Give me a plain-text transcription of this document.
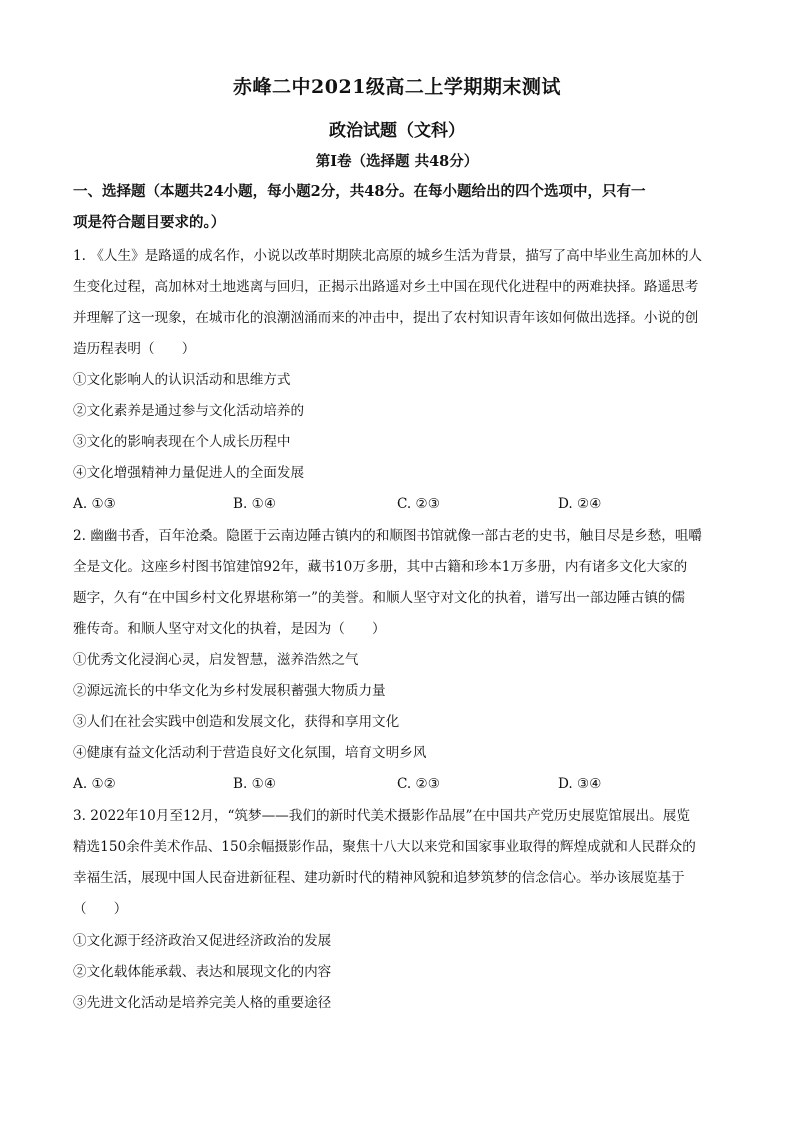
赤峰二中2021级高二上学期期末测试
政治试题（文科）
第Ⅰ卷（选择题 共48分）
一、选择题（本题共24小题，每小题2分，共48分。在每小题给出的四个选项中，只有一
项是符合题目要求的。）
1. 《人生》是路遥的成名作，小说以改革时期陕北高原的城乡生活为背景，描写了高中毕业生高加林的人
生变化过程，高加林对土地逃离与回归，正揭示出路遥对乡土中国在现代化进程中的两难抉择。路遥思考
并理解了这一现象，在城市化的浪潮汹涌而来的冲击中，提出了农村知识青年该如何做出选择。小说的创
造历程表明（　　）
①文化影响人的认识活动和思维方式
②文化素养是通过参与文化活动培养的
③文化的影响表现在个人成长历程中
④文化增强精神力量促进人的全面发展
A. ①③	B. ①④	C. ②③	D. ②④
2. 幽幽书香，百年沧桑。隐匿于云南边陲古镇内的和顺图书馆就像一部古老的史书，触目尽是乡愁，咀嚼
全是文化。这座乡村图书馆建馆92年，藏书10万多册，其中古籍和珍本1万多册，内有诸多文化大家的
题字，久有“在中国乡村文化界堪称第一”的美誉。和顺人坚守对文化的执着，谱写出一部边陲古镇的儒
雅传奇。和顺人坚守对文化的执着，是因为（　　）
①优秀文化浸润心灵，启发智慧，滋养浩然之气
②源远流长的中华文化为乡村发展积蓄强大物质力量
③人们在社会实践中创造和发展文化，获得和享用文化
④健康有益文化活动利于营造良好文化氛围，培育文明乡风
A. ①②	B. ①④	C. ②③	D. ③④
3. 2022年10月至12月，“筑梦——我们的新时代美术摄影作品展”在中国共产党历史展览馆展出。展览
精选150余件美术作品、150余幅摄影作品，聚焦十八大以来党和国家事业取得的辉煌成就和人民群众的
幸福生活，展现中国人民奋进新征程、建功新时代的精神风貌和追梦筑梦的信念信心。举办该展览基于
（　　）
①文化源于经济政治又促进经济政治的发展
②文化载体能承载、表达和展现文化的内容
③先进文化活动是培养完美人格的重要途径
